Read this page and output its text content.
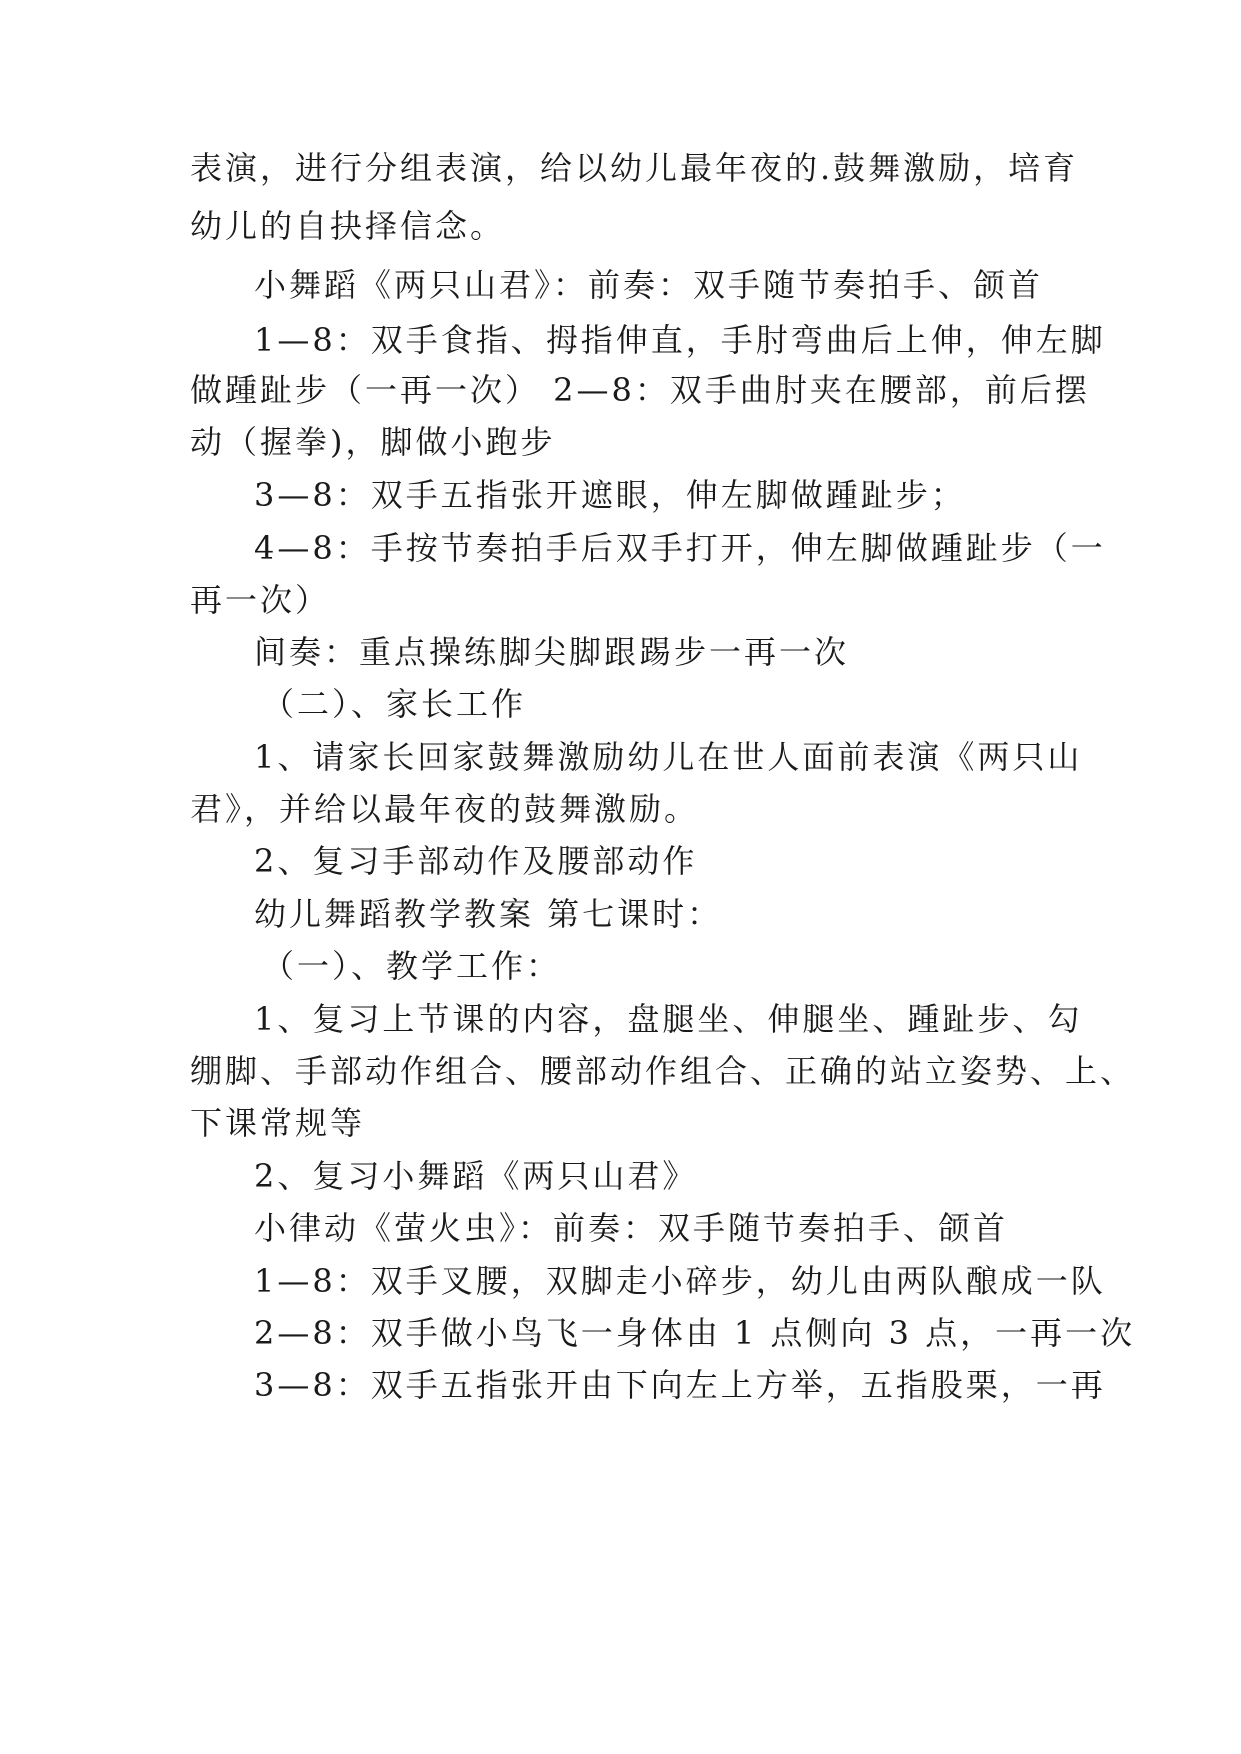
表演，进行分组表演，给以幼儿最年夜的.鼓舞激励，培育
幼儿的自抉择信念。
小舞蹈《两只山君》：前奏：双手随节奏拍手、颌首
1—8：双手食指、拇指伸直，手肘弯曲后上伸，伸左脚
做踵趾步（一再一次） 2—8：双手曲肘夹在腰部，前后摆
动（握拳)，脚做小跑步
3—8：双手五指张开遮眼，伸左脚做踵趾步；
4—8：手按节奏拍手后双手打开，伸左脚做踵趾步（一
再一次）
间奏：重点操练脚尖脚跟踢步一再一次
（二）、家长工作
1、请家长回家鼓舞激励幼儿在世人面前表演《两只山
君》，并给以最年夜的鼓舞激励。
2、复习手部动作及腰部动作
幼儿舞蹈教学教案 第七课时：
（一）、教学工作：
1、复习上节课的内容，盘腿坐、伸腿坐、踵趾步、勾
绷脚、手部动作组合、腰部动作组合、正确的站立姿势、上、
下课常规等
2、复习小舞蹈《两只山君》
小律动《萤火虫》：前奏：双手随节奏拍手、颌首
1—8：双手叉腰，双脚走小碎步，幼儿由两队酿成一队
2—8：双手做小鸟飞一身体由 1 点侧向 3 点，一再一次
3—8：双手五指张开由下向左上方举，五指股栗，一再
